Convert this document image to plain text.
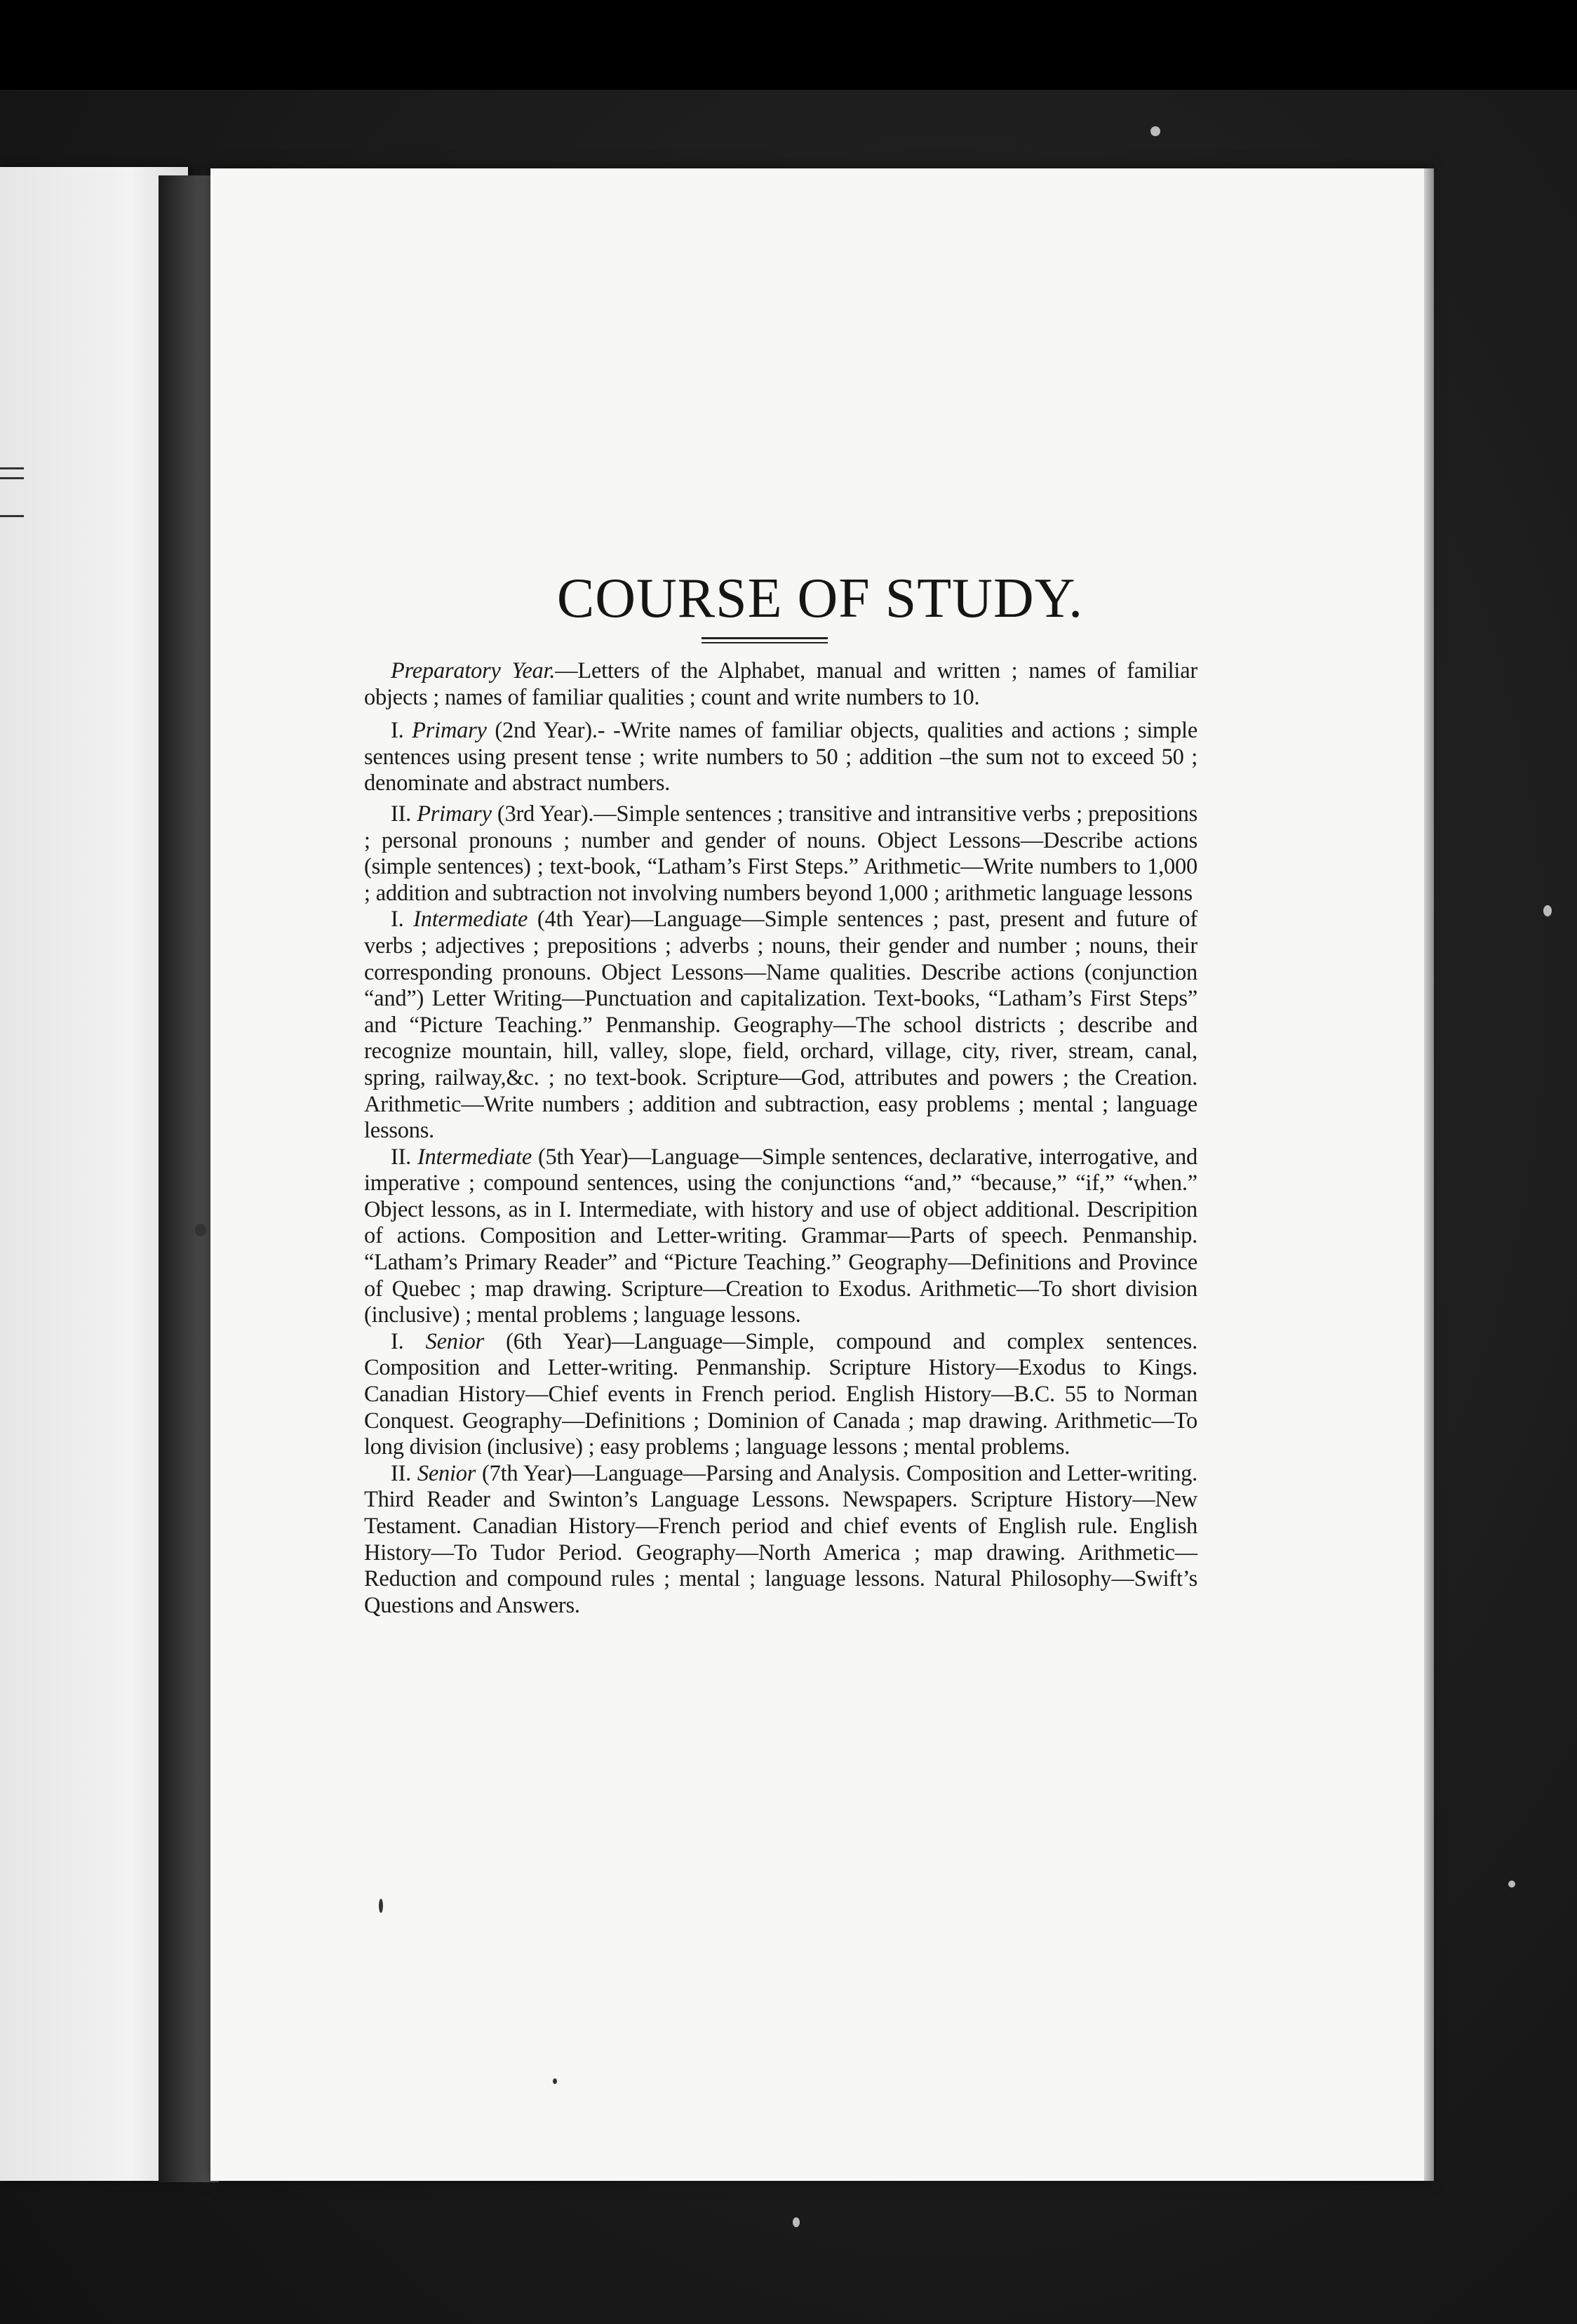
COURSE OF STUDY.

Preparatory Year.—Letters of the Alphabet, manual and written ; names of familiar objects ; names of familiar qualities ; count and write numbers to 10.

I. Primary (2nd Year).- -Write names of familiar objects, qualities and actions ; simple sentences using present tense ; write numbers to 50 ; addition –the sum not to exceed 50 ; denominate and abstract numbers.

II. Primary (3rd Year).—Simple sentences ; transitive and intransitive verbs ; prepositions ; personal pronouns ; number and gender of nouns. Object Lessons—Describe actions (simple sentences) ; text-book, “Latham’s First Steps.” Arithmetic—Write numbers to 1,000 ; addition and subtraction not involving numbers beyond 1,000 ; arithmetic language lessons

I. Intermediate (4th Year)—Language—Simple sentences ; past, present and future of verbs ; adjectives ; prepositions ; adverbs ; nouns, their gender and number ; nouns, their corresponding pronouns. Object Lessons—Name qualities. Describe actions (conjunction “and”) Letter Writing—Punctuation and capitalization. Text-books, “Latham’s First Steps” and “Picture Teaching.” Penmanship. Geography—The school districts ; describe and recognize mountain, hill, valley, slope, field, orchard, village, city, river, stream, canal, spring, railway,&c. ; no text-book. Scripture—God, attributes and powers ; the Creation. Arithmetic—Write numbers ; addition and subtraction, easy problems ; mental ; language lessons.

II. Intermediate (5th Year)—Language—Simple sentences, declarative, interrogative, and imperative ; compound sentences, using the conjunctions “and,” “because,” “if,” “when.” Object lessons, as in I. Intermediate, with history and use of object additional. Descripition of actions. Composition and Letter-writing. Grammar—Parts of speech. Penmanship. “Latham’s Primary Reader” and “Picture Teaching.” Geography—Definitions and Province of Quebec ; map drawing. Scripture—Creation to Exodus. Arithmetic—To short division (inclusive) ; mental problems ; language lessons.

I. Senior (6th Year)—Language—Simple, compound and complex sentences. Composition and Letter-writing. Penmanship. Scripture History—Exodus to Kings. Canadian History—Chief events in French period. English History—B.C. 55 to Norman Conquest. Geography—Definitions ; Dominion of Canada ; map drawing. Arithmetic—To long division (inclusive) ; easy problems ; language lessons ; mental problems.

II. Senior (7th Year)—Language—Parsing and Analysis. Composition and Letter-writing. Third Reader and Swinton’s Language Lessons. Newspapers. Scripture History—New Testament. Canadian History—French period and chief events of English rule. English History—To Tudor Period. Geography—North America ; map drawing. Arithmetic—Reduction and compound rules ; mental ; language lessons. Natural Philosophy—Swift’s Questions and Answers.
